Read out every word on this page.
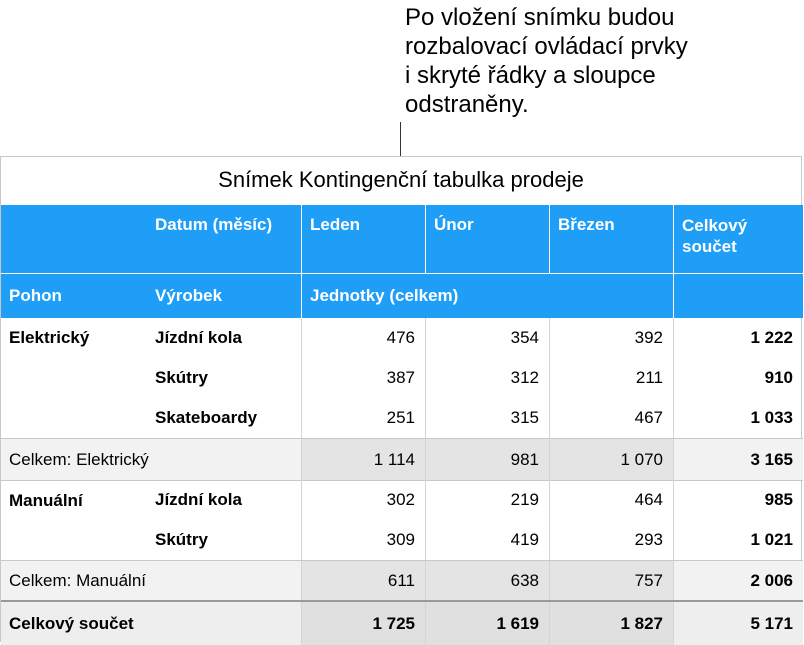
Po vložení snímku budou
rozbalovací ovládací prvky
i skryté řádky a sloupce
odstraněny.
Snímek Kontingenční tabulka prodeje
Datum (měsíc)	Leden	Únor	Březen	Celkový
součet
Pohon	Výrobek	Jednotky (celkem)
Elektrický	Jízdní kola	476	354	392	1 222
Skútry	387	312	211	910
Skateboardy	251	315	467	1 033
Celkem: Elektrický	1 114	981	1 070	3 165
Manuální	Jízdní kola	302	219	464	985
Skútry	309	419	293	1 021
Celkem: Manuální	611	638	757	2 006
Celkový součet	1 725	1 619	1 827	5 171
